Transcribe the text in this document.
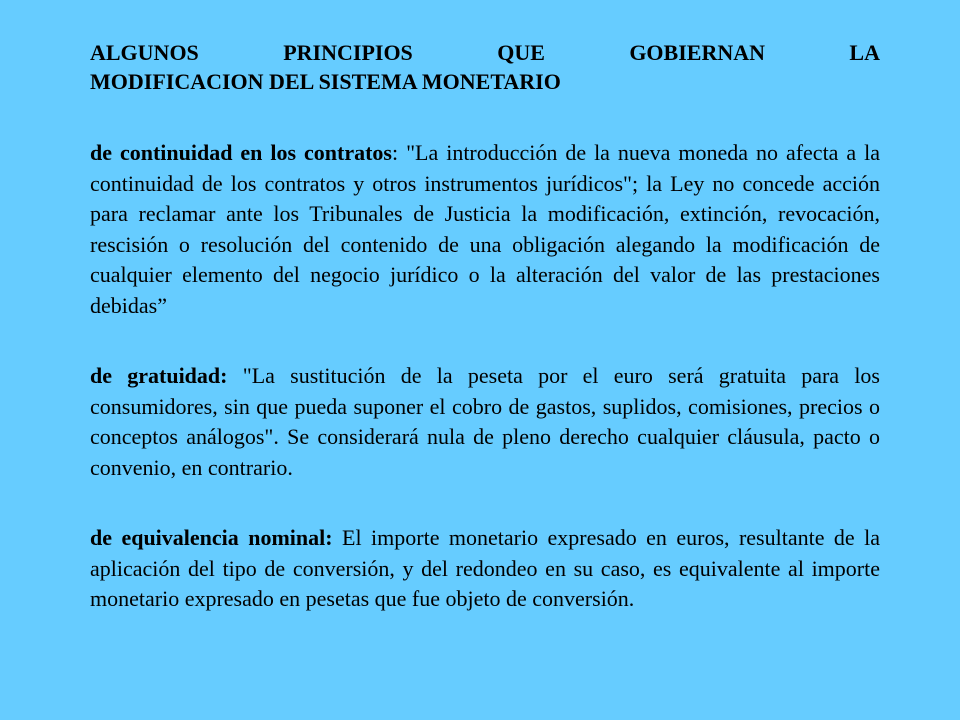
ALGUNOS PRINCIPIOS QUE GOBIERNAN LA
MODIFICACION DEL SISTEMA MONETARIO

de continuidad en los contratos: "La introducción de la nueva moneda no afecta a la continuidad de los contratos y otros instrumentos jurídicos"; la Ley no concede acción para reclamar ante los Tribunales de Justicia la modificación, extinción, revocación, rescisión o resolución del contenido de una obligación alegando la modificación de cualquier elemento del negocio jurídico o la alteración del valor de las prestaciones debidas”

de gratuidad: "La sustitución de la peseta por el euro será gratuita para los consumidores, sin que pueda suponer el cobro de gastos, suplidos, comisiones, precios o conceptos análogos". Se considerará nula de pleno derecho cualquier cláusula, pacto o convenio, en contrario.

de equivalencia nominal: El importe monetario expresado en euros, resultante de la aplicación del tipo de conversión, y del redondeo en su caso, es equivalente al importe monetario expresado en pesetas que fue objeto de conversión.
